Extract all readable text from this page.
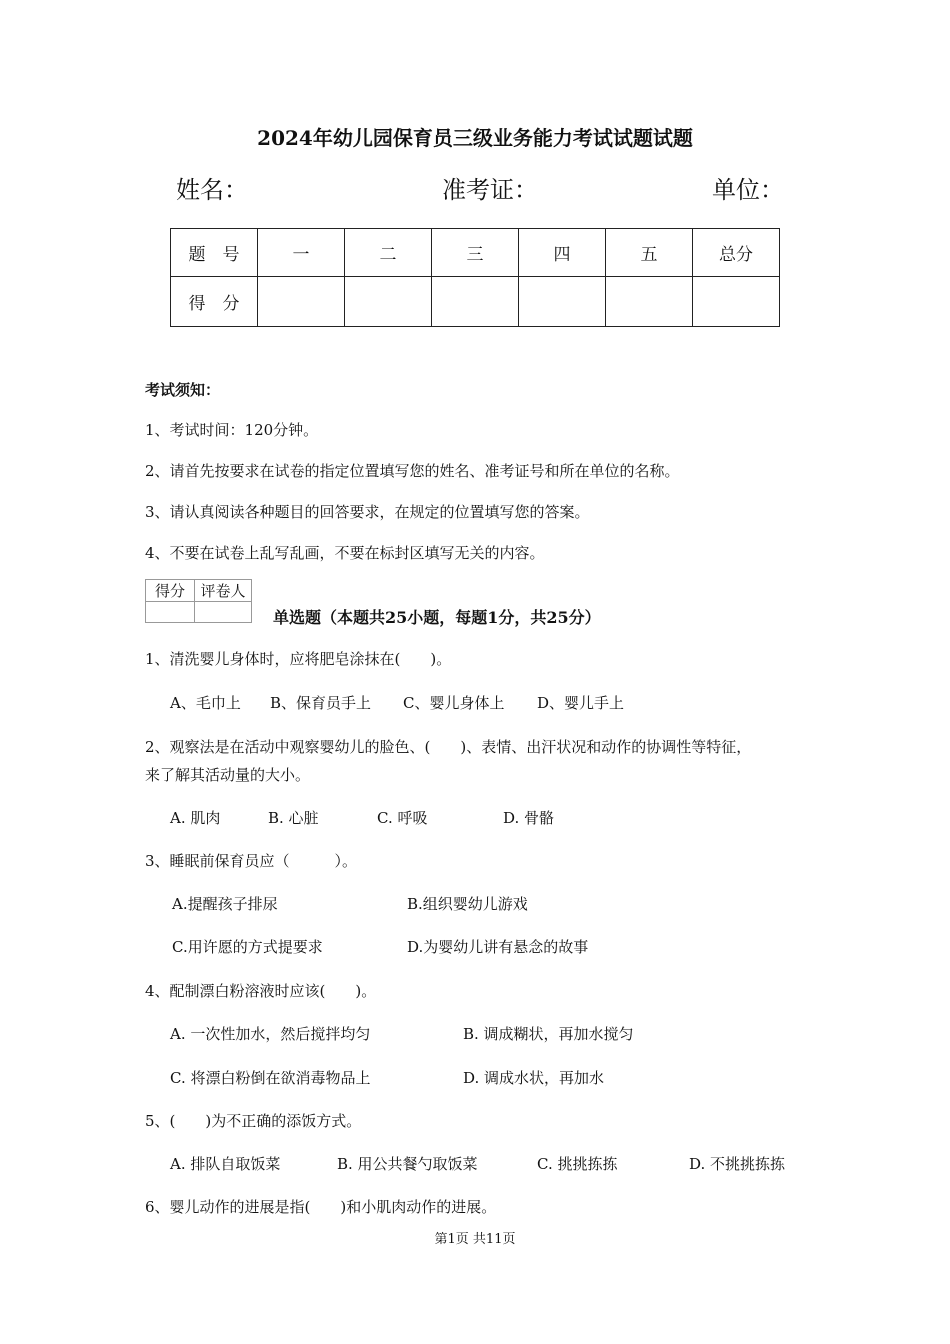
2024年幼儿园保育员三级业务能力考试试题试题
姓名：	准考证：	单位：
题　号	一	二	三	四	五	总分
得　分						
考试须知：
1、考试时间：120分钟。
2、请首先按要求在试卷的指定位置填写您的姓名、准考证号和所在单位的名称。
3、请认真阅读各种题目的回答要求，在规定的位置填写您的答案。
4、不要在试卷上乱写乱画，不要在标封区填写无关的内容。
得分	评卷人

单选题（本题共25小题，每题1分，共25分）
1、清洗婴儿身体时，应将肥皂涂抹在(　　)。
A、毛巾上 B、保育员手上 C、婴儿身体上 D、婴儿手上
2、观察法是在活动中观察婴幼儿的脸色、(　　)、表情、出汗状况和动作的协调性等特征，
来了解其活动量的大小。
A. 肌肉	B. 心脏	C. 呼吸	D. 骨骼
3、睡眠前保育员应（　　　）。
A.提醒孩子排尿	B.组织婴幼儿游戏
C.用许愿的方式提要求	D.为婴幼儿讲有悬念的故事
4、配制漂白粉溶液时应该(　　)。
A. 一次性加水，然后搅拌均匀	B. 调成糊状，再加水搅匀
C. 将漂白粉倒在欲消毒物品上	D. 调成水状，再加水
5、(　　)为不正确的添饭方式。
A. 排队自取饭菜	B. 用公共餐勺取饭菜	C. 挑挑拣拣	D. 不挑挑拣拣
6、婴儿动作的进展是指(　　)和小肌肉动作的进展。
第1页 共11页
